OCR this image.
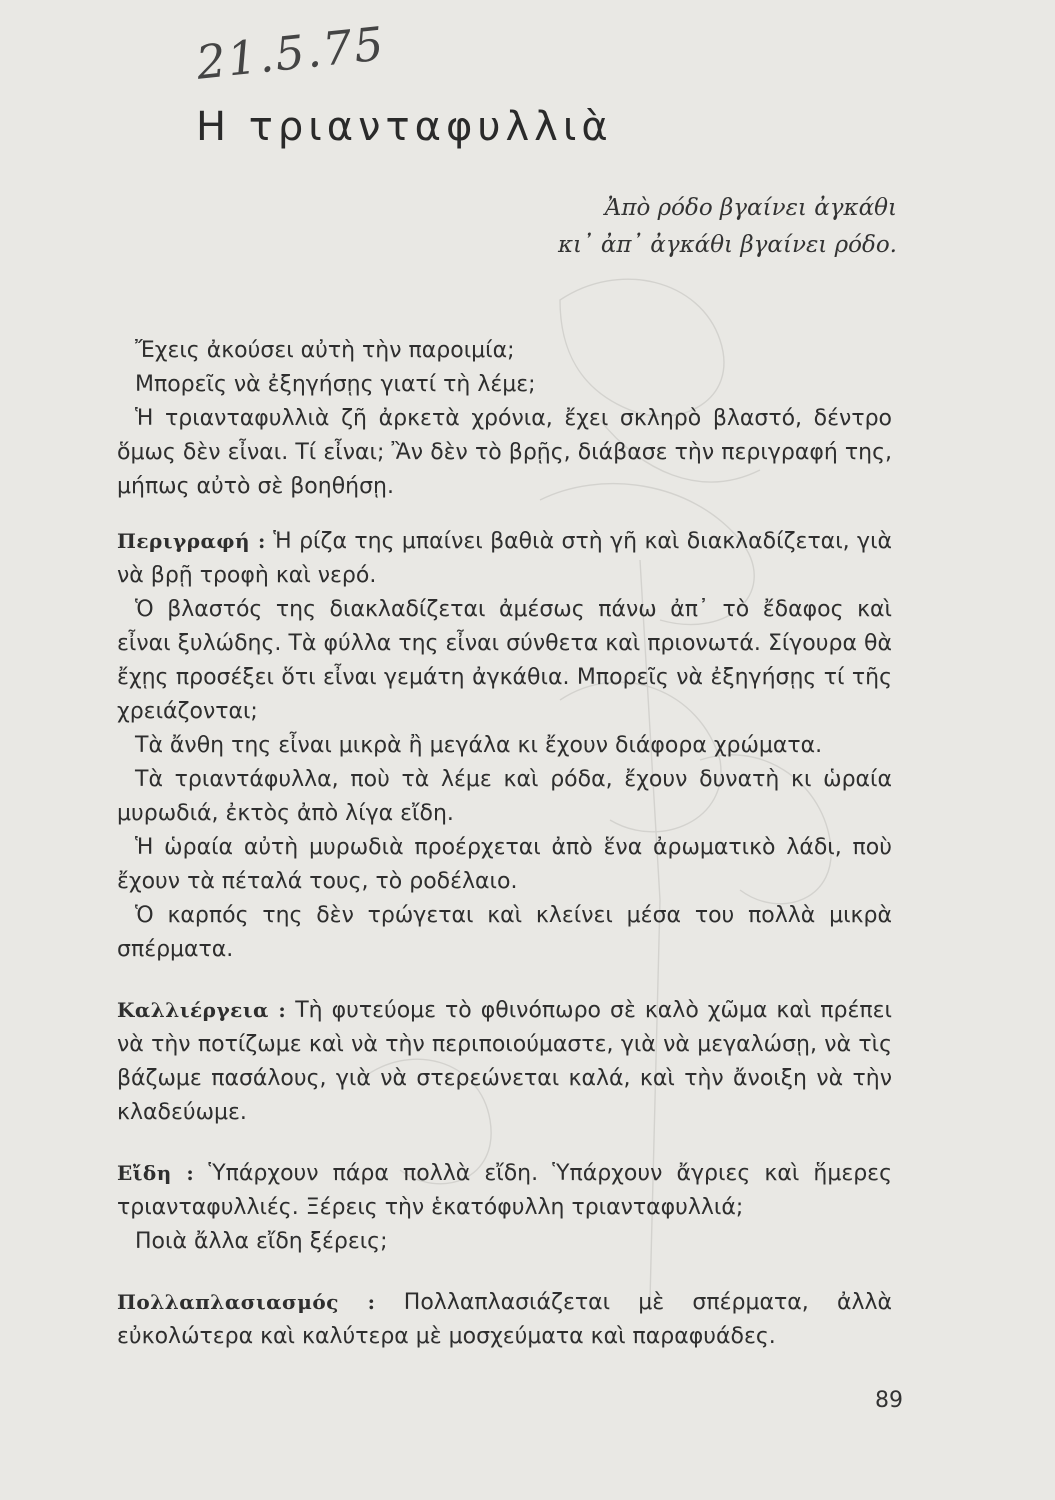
21.5.75
Η τριανταφυλλιὰ
Ἀπὸ ρόδο βγαίνει ἀγκάθι
κι᾿ ἀπ᾿ ἀγκάθι βγαίνει ρόδο.

Ἔχεις ἀκούσει αὐτὴ τὴν παροιμία;

Μπορεῖς νὰ ἐξηγήσῃς γιατί τὴ λέμε;

Ἡ τριανταφυλλιὰ ζῆ ἀρκετὰ χρόνια, ἔχει σκληρὸ βλαστό, δέντρο ὅμως δὲν εἶναι. Τί εἶναι; Ἂν δὲν τὸ βρῇς, διάβασε τὴν περιγραφή της, μήπως αὐτὸ σὲ βοηθήσῃ.

Περιγραφή : Ἡ ρίζα της μπαίνει βαθιὰ στὴ γῆ καὶ διακλαδίζεται, γιὰ νὰ βρῇ τροφὴ καὶ νερό.

Ὁ βλαστός της διακλαδίζεται ἀμέσως πάνω ἀπ᾿ τὸ ἔδαφος καὶ εἶναι ξυλώδης. Τὰ φύλλα της εἶναι σύνθετα καὶ πριονωτά. Σίγουρα θὰ ἔχῃς προσέξει ὅτι εἶναι γεμάτη ἀγκάθια. Μπορεῖς νὰ ἐξηγήσῃς τί τῆς χρειάζονται;

Τὰ ἄνθη της εἶναι μικρὰ ἢ μεγάλα κι ἔχουν διάφορα χρώματα.

Τὰ τριαντάφυλλα, ποὺ τὰ λέμε καὶ ρόδα, ἔχουν δυνατὴ κι ὡραία μυρωδιά, ἐκτὸς ἀπὸ λίγα εἴδη.

Ἡ ὡραία αὐτὴ μυρωδιὰ προέρχεται ἀπὸ ἕνα ἀρωματικὸ λάδι, ποὺ ἔχουν τὰ πέταλά τους, τὸ ροδέλαιο.

Ὁ καρπός της δὲν τρώγεται καὶ κλείνει μέσα του πολλὰ μικρὰ σπέρματα.

Καλλιέργεια : Τὴ φυτεύομε τὸ φθινόπωρο σὲ καλὸ χῶμα καὶ πρέπει νὰ τὴν ποτίζωμε καὶ νὰ τὴν περιποιούμαστε, γιὰ νὰ μεγαλώσῃ, νὰ τὶς βάζωμε πασάλους, γιὰ νὰ στερεώνεται καλά, καὶ τὴν ἄνοιξη νὰ τὴν κλαδεύωμε.

Εἴδη : Ὑπάρχουν πάρα πολλὰ εἴδη. Ὑπάρχουν ἄγριες καὶ ἥμερες τριανταφυλλιές. Ξέρεις τὴν ἑκατόφυλλη τριανταφυλλιά;

Ποιὰ ἄλλα εἴδη ξέρεις;

Πολλαπλασιασμός : Πολλαπλασιάζεται μὲ σπέρματα, ἀλλὰ εὐκολώτερα καὶ καλύτερα μὲ μοσχεύματα καὶ παραφυάδες.

89
